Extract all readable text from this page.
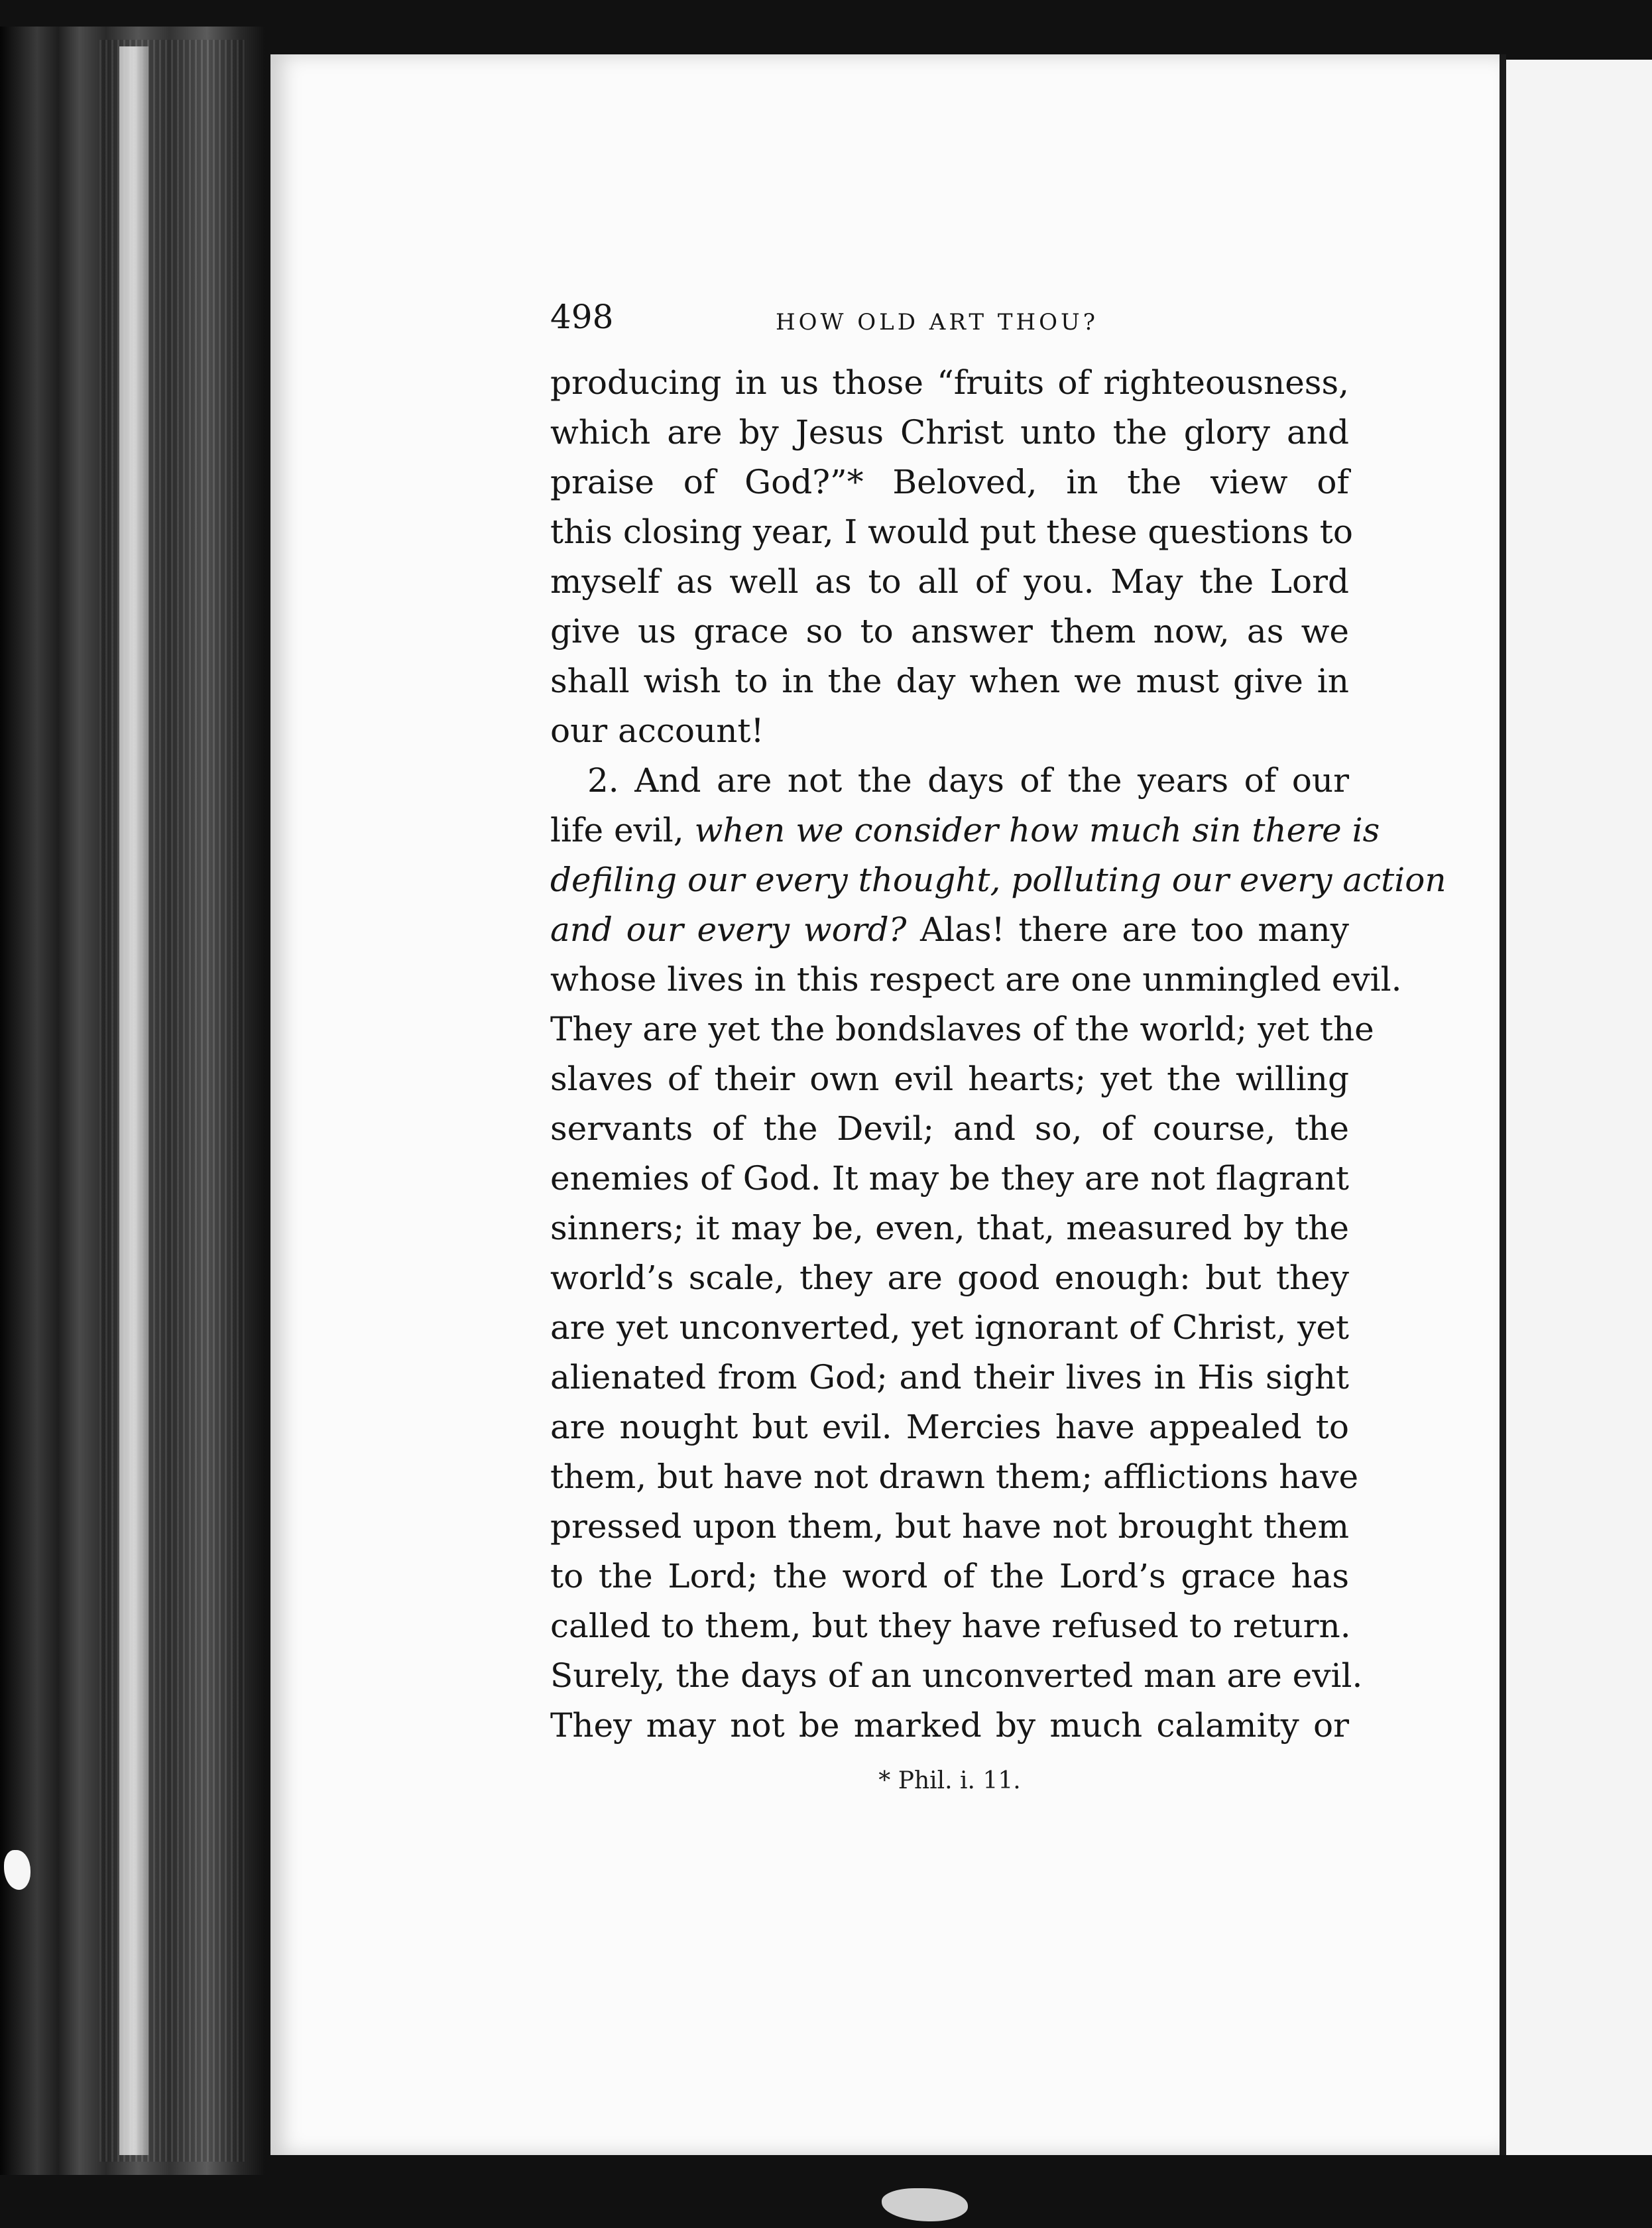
498	HOW OLD ART THOU?
producing in us those “fruits of righteousness,
which are by Jesus Christ unto the glory and
praise of God?”* Beloved, in the view of
this closing year, I would put these questions to
myself as well as to all of you. May the Lord
give us grace so to answer them now, as we
shall wish to in the day when we must give in
our account!
2. And are not the days of the years of our
life evil, when we consider how much sin there is
defiling our every thought, polluting our every action
and our every word? Alas! there are too many
whose lives in this respect are one unmingled evil.
They are yet the bondslaves of the world; yet the
slaves of their own evil hearts; yet the willing
servants of the Devil; and so, of course, the
enemies of God. It may be they are not flagrant
sinners; it may be, even, that, measured by the
world’s scale, they are good enough: but they
are yet unconverted, yet ignorant of Christ, yet
alienated from God; and their lives in His sight
are nought but evil. Mercies have appealed to
them, but have not drawn them; afflictions have
pressed upon them, but have not brought them
to the Lord; the word of the Lord’s grace has
called to them, but they have refused to return.
Surely, the days of an unconverted man are evil.
They may not be marked by much calamity or
* Phil. i. 11.
